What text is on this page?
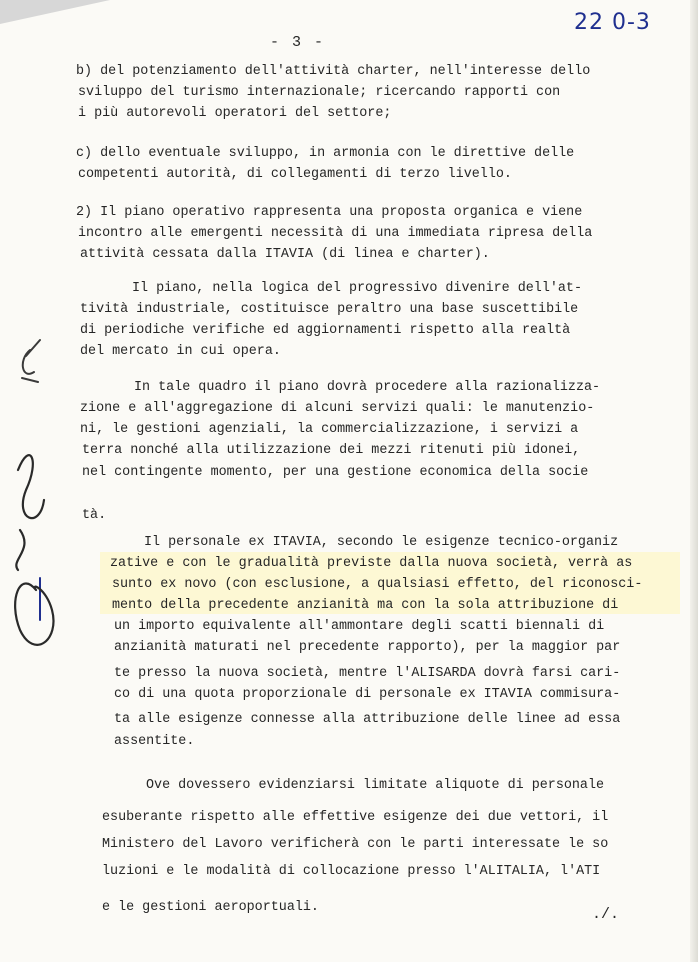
- 3 -
22 0-3
b) del potenziamento dell'attività charter, nell'interesse dello
sviluppo del turismo internazionale; ricercando rapporti con
i più autorevoli operatori del settore;
c) dello eventuale sviluppo, in armonia con le direttive delle
competenti autorità, di collegamenti di terzo livello.
2) Il piano operativo rappresenta una proposta organica e viene
incontro alle emergenti necessità di una immediata ripresa della
attività cessata dalla ITAVIA (di linea e charter).
Il piano, nella logica del progressivo divenire dell'at-
tività industriale, costituisce peraltro una base suscettibile
di periodiche verifiche ed aggiornamenti rispetto alla realtà
del mercato in cui opera.
In tale quadro il piano dovrà procedere alla razionalizza-
zione e all'aggregazione di alcuni servizi quali: le manutenzio-
ni, le gestioni agenziali, la commercializzazione, i servizi a
terra nonché alla utilizzazione dei mezzi ritenuti più idonei,
nel contingente momento, per una gestione economica della socie
tà.
Il personale ex ITAVIA, secondo le esigenze tecnico-organiz
zative e con le gradualità previste dalla nuova società, verrà as
sunto ex novo (con esclusione, a qualsiasi effetto, del riconosci-
mento della precedente anzianità ma con la sola attribuzione di
un importo equivalente all'ammontare degli scatti biennali di
anzianità maturati nel precedente rapporto), per la maggior par
te presso la nuova società, mentre l'ALISARDA dovrà farsi cari-
co di una quota proporzionale di personale ex ITAVIA commisura-
ta alle esigenze connesse alla attribuzione delle linee ad essa
assentite.
Ove dovessero evidenziarsi limitate aliquote di personale
esuberante rispetto alle effettive esigenze dei due vettori, il
Ministero del Lavoro verificherà con le parti interessate le so
luzioni e le modalità di collocazione presso l'ALITALIA, l'ATI
e le gestioni aeroportuali.	./.
